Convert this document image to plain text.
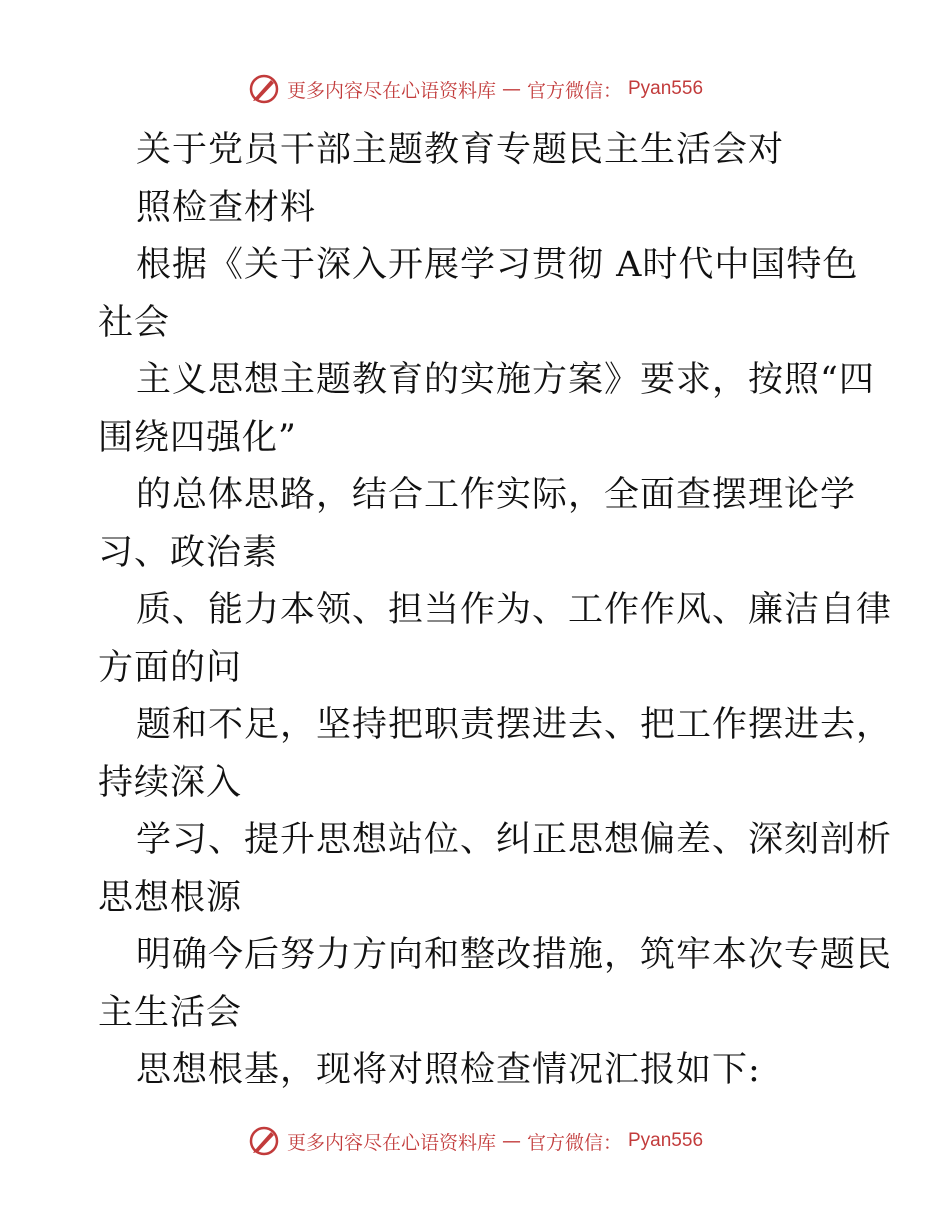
更多内容尽在心语资料库 — 官方微信： Pyan556
关于党员干部主题教育专题民主生活会对
照检查材料
根据《关于深入开展学习贯彻 A时代中国特色
社会
主义思想主题教育的实施方案》要求，按照“四
围绕四强化”
的总体思路，结合工作实际，全面查摆理论学
习、政治素
质、能力本领、担当作为、工作作风、廉洁自律
方面的问
题和不足，坚持把职责摆进去、把工作摆进去，
持续深入
学习、提升思想站位、纠正思想偏差、深刻剖析
思想根源
明确今后努力方向和整改措施，筑牢本次专题民
主生活会
思想根基，现将对照检查情况汇报如下:
更多内容尽在心语资料库 — 官方微信： Pyan556
